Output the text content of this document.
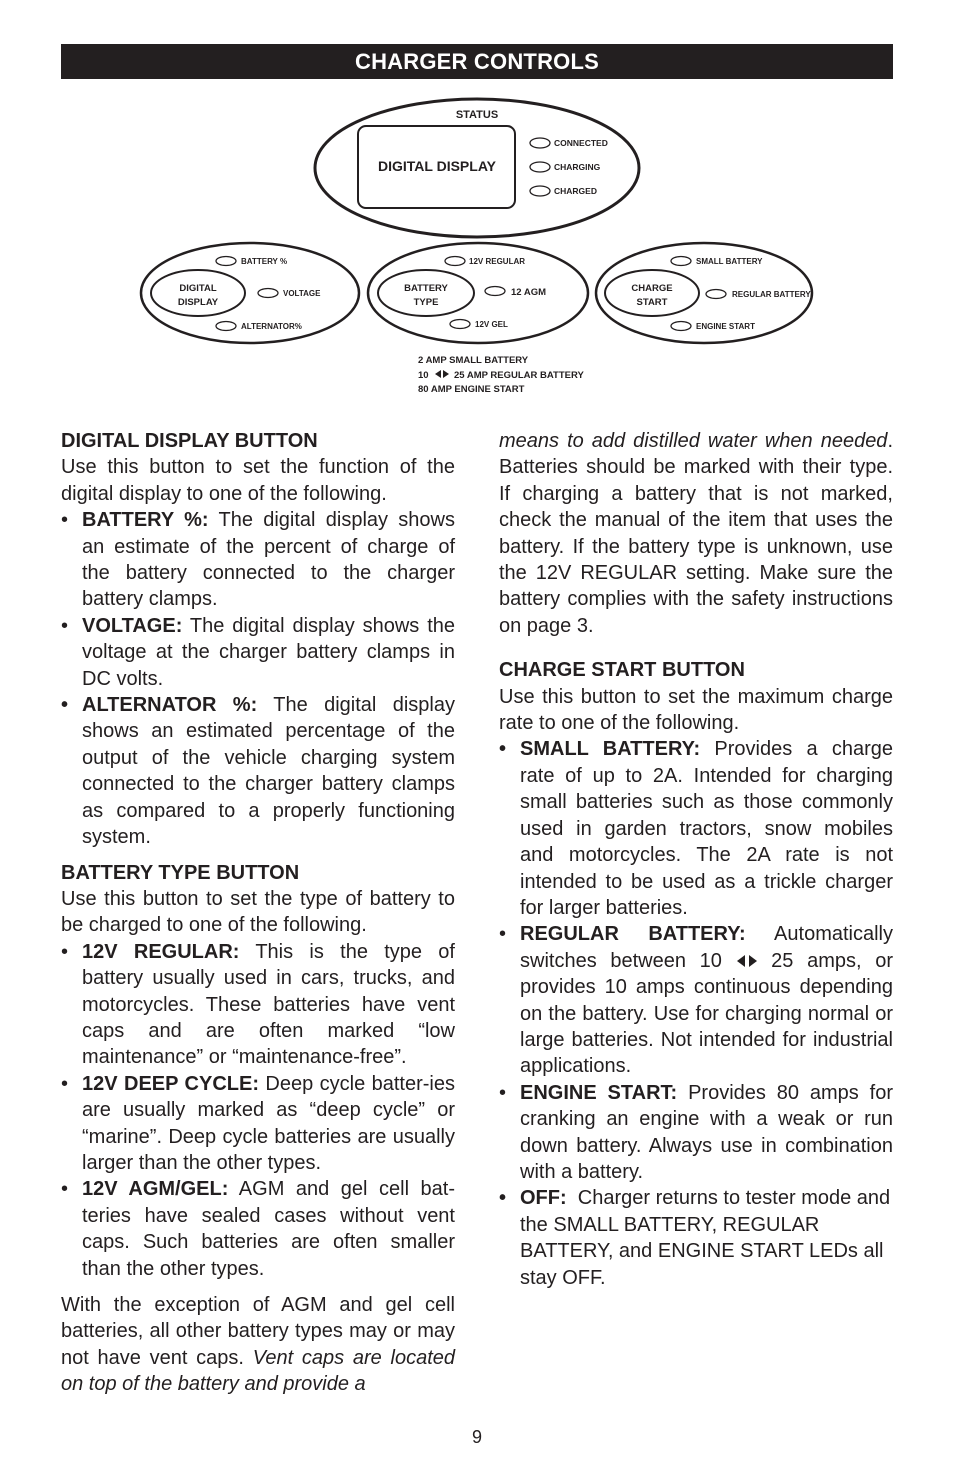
CHARGER CONTROLS
STATUS
DIGITAL DISPLAY
CONNECTED
CHARGING
CHARGED
DIGITAL
DISPLAY
BATTERY %
VOLTAGE
ALTERNATOR%
BATTERY
TYPE
12V REGULAR
12 AGM
12V GEL
CHARGE
START
SMALL BATTERY
REGULAR BATTERY
ENGINE START
2 AMP SMALL BATTERY
10	25 AMP REGULAR BATTERY
80 AMP ENGINE START

DIGITAL DISPLAY BUTTON

Use this button to set the function of the digital display to one of the following.

• BATTERY %: The digital display shows an estimate of the percent of charge of the battery connected to the charger battery clamps.
• VOLTAGE: The digital display shows the voltage at the charger battery clamps in DC volts.
• ALTERNATOR %: The digital display shows an estimated percentage of the output of the vehicle charging system connected to the charger battery clamps as compared to a properly functioning system.

BATTERY TYPE BUTTON

Use this button to set the type of battery to be charged to one of the following.

• 12V REGULAR: This is the type of battery usually used in cars, trucks, and motorcycles. These batteries have vent caps and are often marked “low maintenance” or “maintenance-free”.
• 12V DEEP CYCLE: Deep cycle batter-ies are usually marked as “deep cycle” or “marine”. Deep cycle batteries are usually larger than the other types.
• 12V AGM/GEL: AGM and gel cell bat-teries have sealed cases without vent caps. Such batteries are often smaller than the other types.

With the exception of AGM and gel cell batteries, all other battery types may or may not have vent caps. Vent caps are located on top of the battery and provide a

means to add distilled water when needed. Batteries should be marked with their type. If charging a battery that is not marked, check the manual of the item that uses the battery. If the battery type is unknown, use the 12V REGULAR setting. Make sure the battery complies with the safety instructions on page 3.

CHARGE START BUTTON

Use this button to set the maximum charge rate to one of the following.

• SMALL BATTERY: Provides a charge rate of up to 2A. Intended for charging small batteries such as those commonly used in garden tractors, snow mobiles and motorcycles. The 2A rate is not intended to be used as a trickle charger for larger batteries.
• REGULAR BATTERY: Automatically switches between 10  25 amps, or provides 10 amps continuous depending on the battery. Use for charging normal or large batteries. Not intended for industrial applications.
• ENGINE START: Provides 80 amps for cranking an engine with a weak or run down battery. Always use in combination with a battery.
• OFF:  Charger returns to tester mode and the SMALL BATTERY, REGULAR BATTERY, and ENGINE START LEDs all stay OFF.
9
